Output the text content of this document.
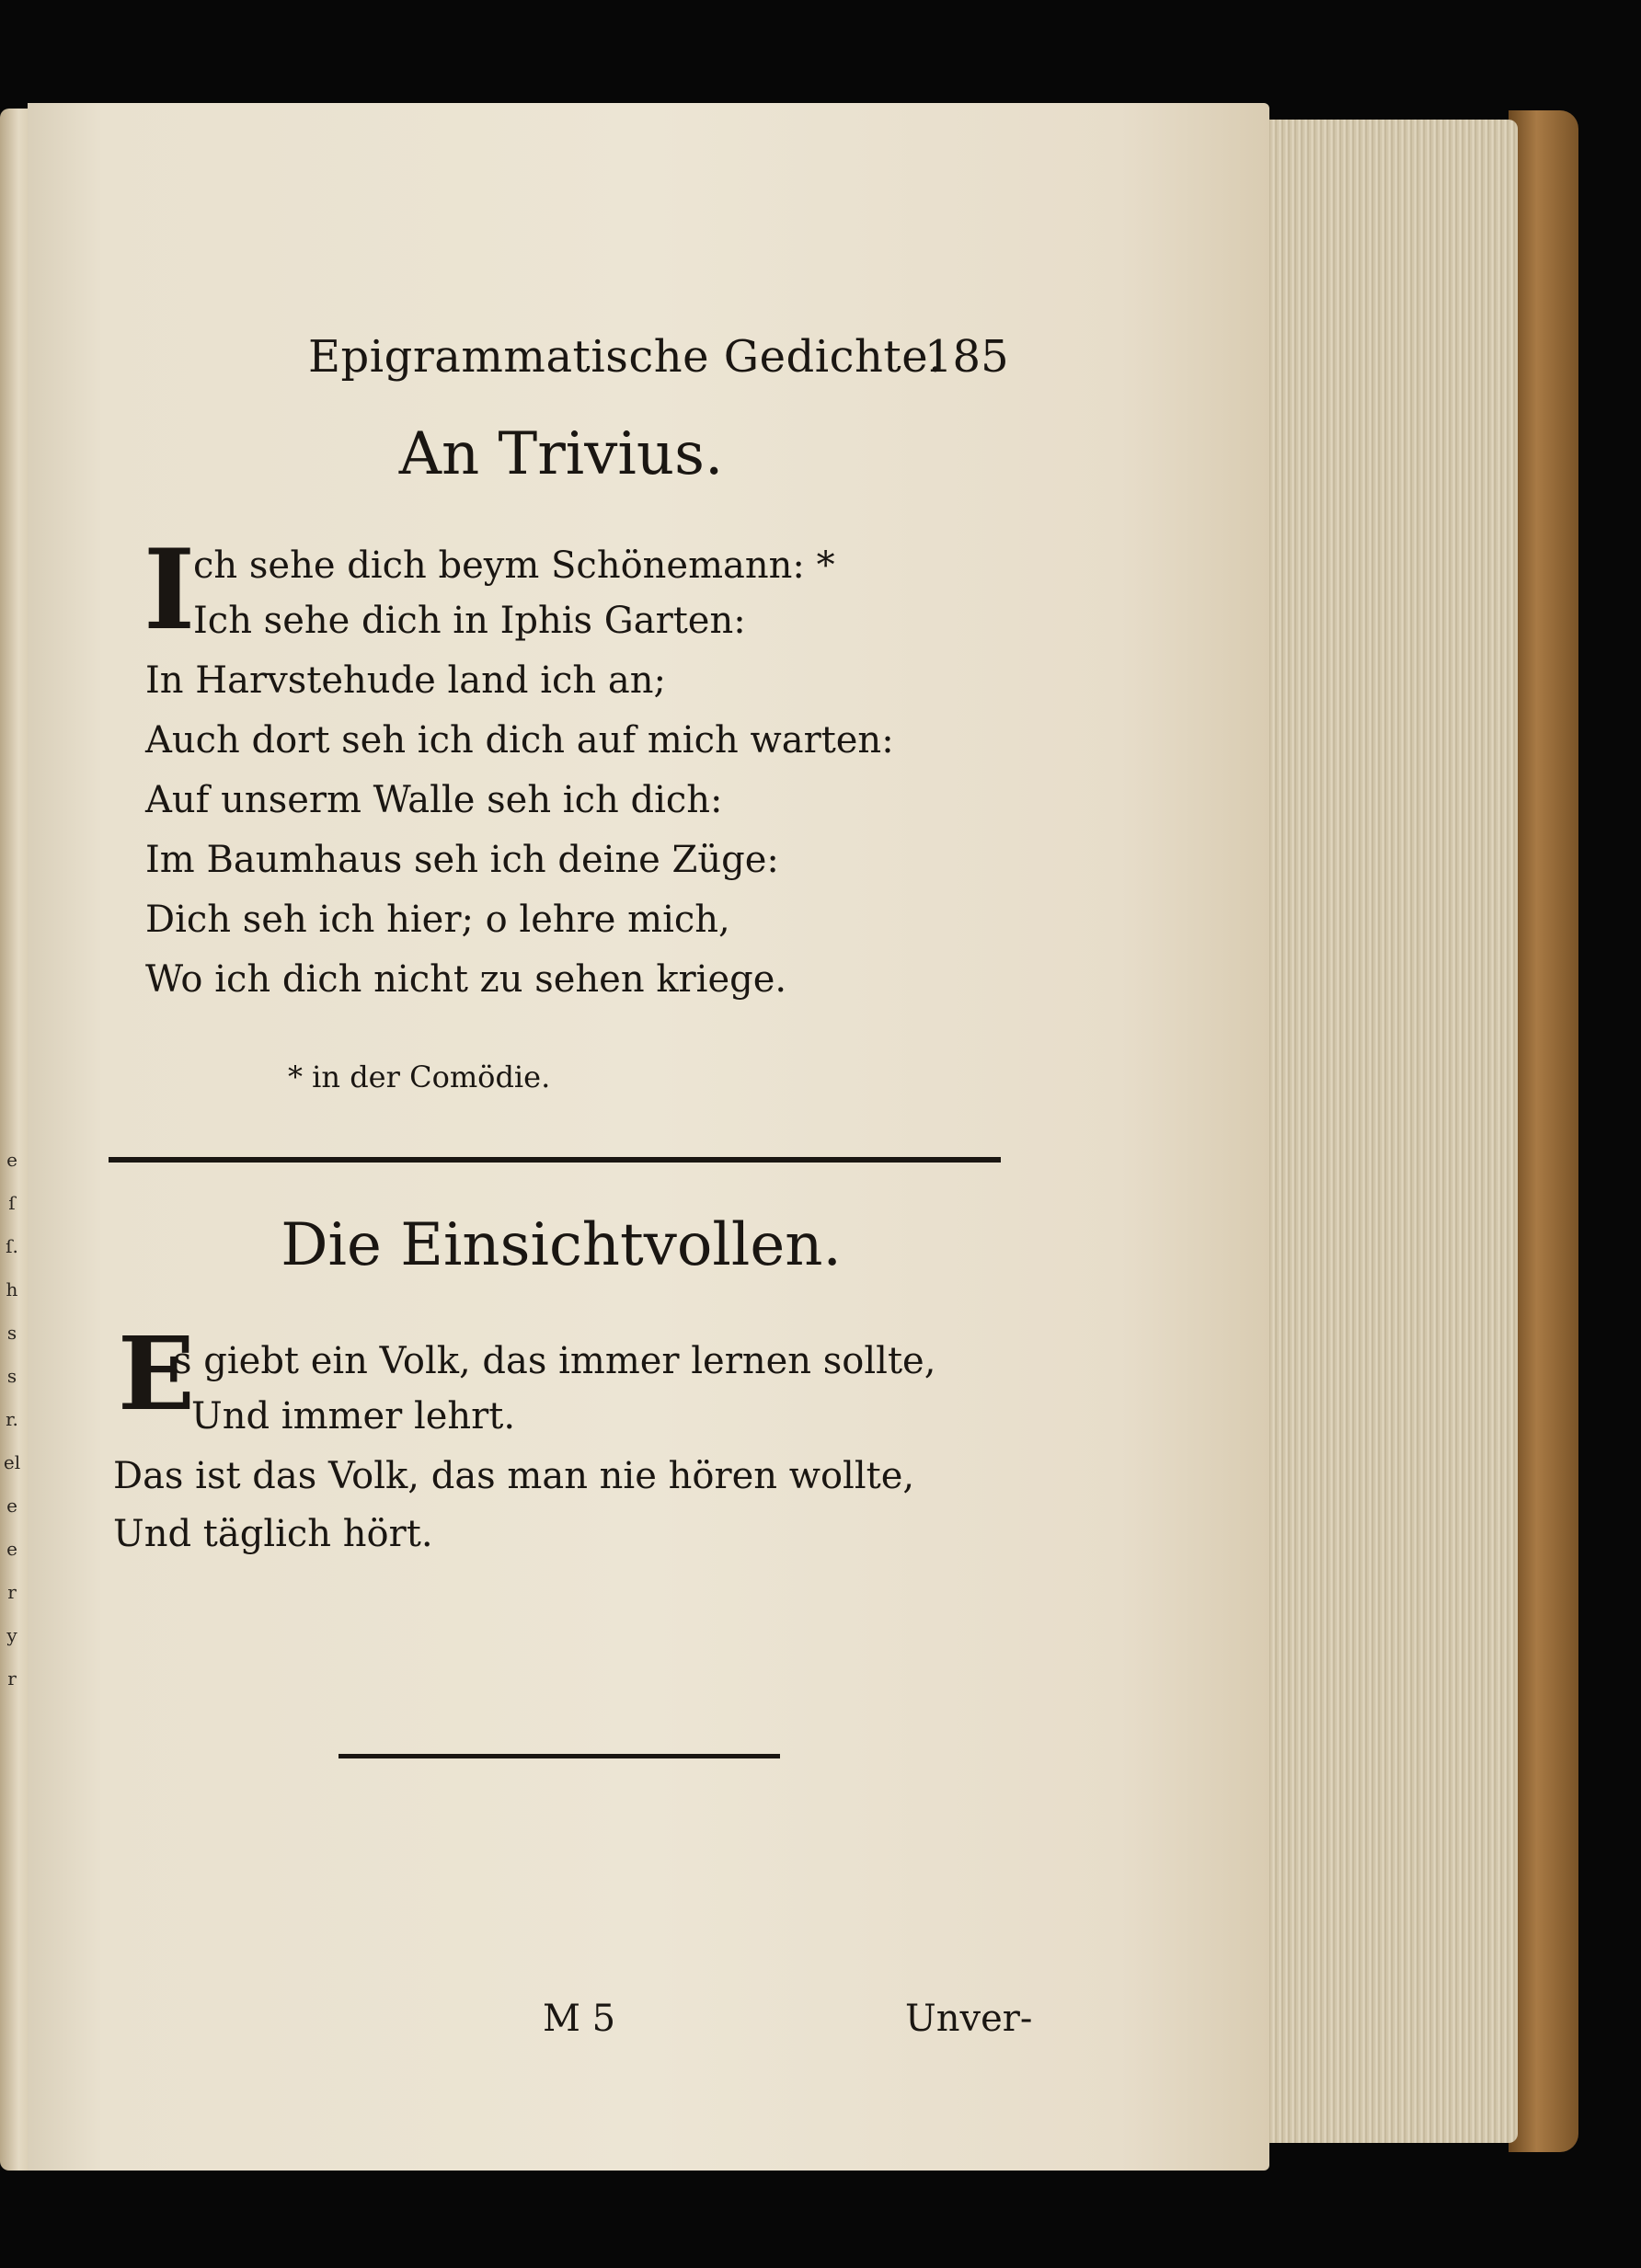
e
ſ
ſ.
h
s
s
r.
el
e
e
r
y
r
Epigrammatische Gedichte.
185
An Trivius.
I
ch sehe dich beym Schönemann: *
Ich sehe dich in Iphis Garten:
In Harvstehude land ich an;
Auch dort seh ich dich auf mich warten:
Auf unserm Walle seh ich dich:
Im Baumhaus seh ich deine Züge:
Dich seh ich hier; o lehre mich,
Wo ich dich nicht zu sehen kriege.
* in der Comödie.
Die Einsichtvollen.
E
s giebt ein Volk, das immer lernen sollte,
Und immer lehrt.
Das ist das Volk, das man nie hören wollte,
Und täglich hört.
M 5	Unver-
